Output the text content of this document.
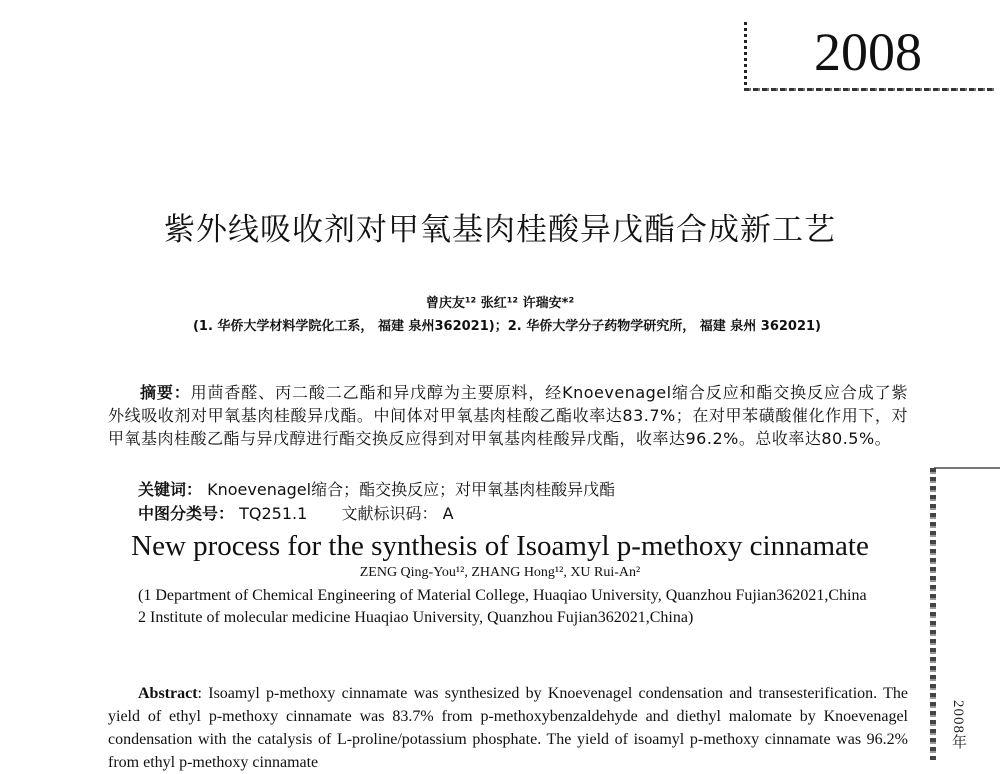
2008
2008年
紫外线吸收剂对甲氧基肉桂酸异戊酯合成新工艺
曾庆友¹² 张红¹² 许瑞安*²
(1. 华侨大学材料学院化工系， 福建 泉州362021)；2. 华侨大学分子药物学研究所， 福建 泉州 362021)
摘要：用茴香醛、丙二酸二乙酯和异戊醇为主要原料，经Knoevenagel缩合反应和酯交换反应合成了紫外线吸收剂对甲氧基肉桂酸异戊酯。中间体对甲氧基肉桂酸乙酯收率达83.7%；在对甲苯磺酸催化作用下，对甲氧基肉桂酸乙酯与异戊醇进行酯交换反应得到对甲氧基肉桂酸异戊酯，收率达96.2%。总收率达80.5%。
关键词： Knoevenagel缩合；酯交换反应；对甲氧基肉桂酸异戊酯
中图分类号： TQ251.1 文献标识码： A
New process for the synthesis of Isoamyl p-methoxy cinnamate
ZENG Qing-You¹², ZHANG Hong¹², XU Rui-An²
(1 Department of Chemical Engineering of Material College, Huaqiao University, Quanzhou Fujian362021,China
2 Institute of molecular medicine Huaqiao University, Quanzhou Fujian362021,China)
Abstract: Isoamyl p-methoxy cinnamate was synthesized by Knoevenagel condensation and transesterification. The yield of ethyl p-methoxy cinnamate was 83.7% from p-methoxybenzaldehyde and diethyl malomate by Knoevenagel condensation with the catalysis of L-proline/potassium phosphate. The yield of isoamyl p-methoxy cinnamate was 96.2% from ethyl p-methoxy cinnamate
